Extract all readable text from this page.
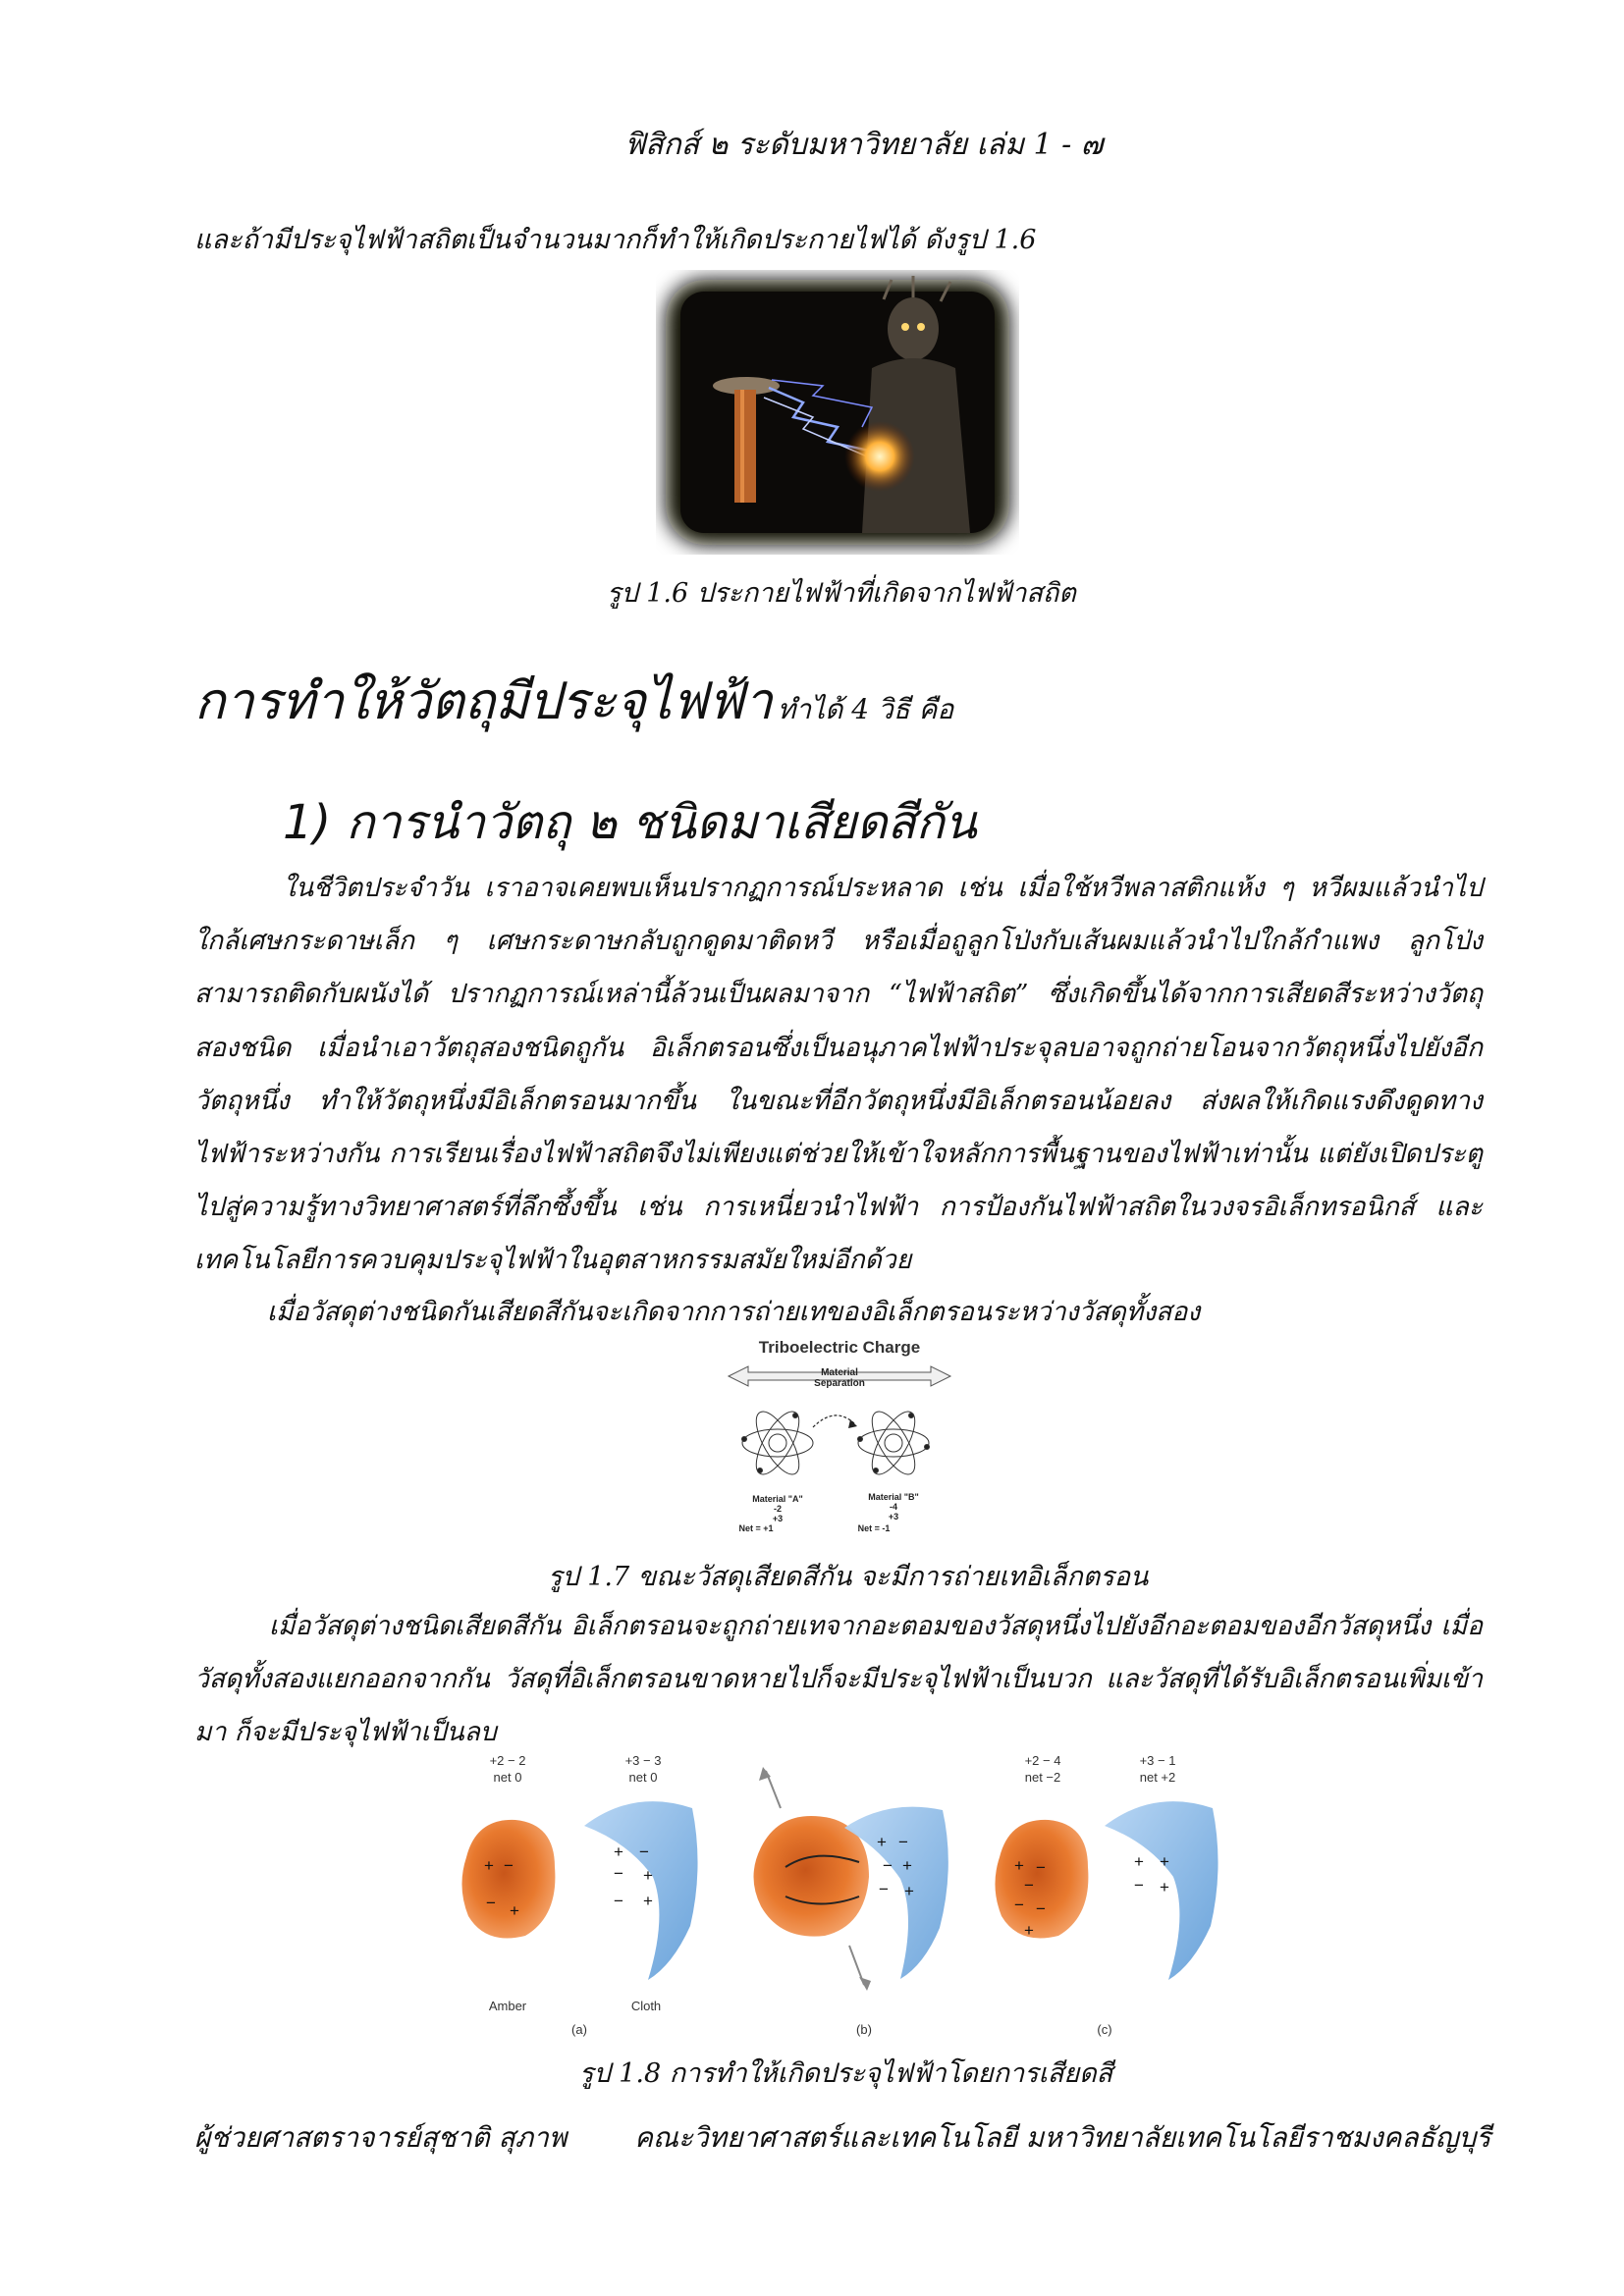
ฟิสิกส์ ๒ ระดับมหาวิทยาลัย เล่ม 1 - ๗
และถ้ามีประจุไฟฟ้าสถิตเป็นจำนวนมากก็ทำให้เกิดประกายไฟได้ ดังรูป 1.6
รูป 1.6 ประกายไฟฟ้าที่เกิดจากไฟฟ้าสถิต
การทำให้วัตถุมีประจุไฟฟ้า ทำได้ 4 วิธี คือ
1) การนำวัตถุ ๒ ชนิดมาเสียดสีกัน
ในชีวิตประจำวัน เราอาจเคยพบเห็นปรากฏการณ์ประหลาด เช่น เมื่อใช้หวีพลาสติกแห้ง ๆ หวีผมแล้วนำไปใกล้เศษกระดาษเล็ก ๆ เศษกระดาษกลับถูกดูดมาติดหวี หรือเมื่อถูลูกโป่งกับเส้นผมแล้วนำไปใกล้กำแพง ลูกโป่งสามารถติดกับผนังได้ ปรากฏการณ์เหล่านี้ล้วนเป็นผลมาจาก “ไฟฟ้าสถิต” ซึ่งเกิดขึ้นได้จากการเสียดสีระหว่างวัตถุสองชนิด เมื่อนำเอาวัตถุสองชนิดถูกัน อิเล็กตรอนซึ่งเป็นอนุภาคไฟฟ้าประจุลบอาจถูกถ่ายโอนจากวัตถุหนึ่งไปยังอีกวัตถุหนึ่ง ทำให้วัตถุหนึ่งมีอิเล็กตรอนมากขึ้น ในขณะที่อีกวัตถุหนึ่งมีอิเล็กตรอนน้อยลง ส่งผลให้เกิดแรงดึงดูดทางไฟฟ้าระหว่างกัน การเรียนเรื่องไฟฟ้าสถิตจึงไม่เพียงแต่ช่วยให้เข้าใจหลักการพื้นฐานของไฟฟ้าเท่านั้น แต่ยังเปิดประตูไปสู่ความรู้ทางวิทยาศาสตร์ที่ลึกซึ้งขึ้น เช่น การเหนี่ยวนำไฟฟ้า การป้องกันไฟฟ้าสถิตในวงจรอิเล็กทรอนิกส์ และเทคโนโลยีการควบคุมประจุไฟฟ้าในอุตสาหกรรมสมัยใหม่อีกด้วย
เมื่อวัสดุต่างชนิดกันเสียดสีกันจะเกิดจากการถ่ายเทของอิเล็กตรอนระหว่างวัสดุทั้งสอง
Triboelectric Charge
Material
Separation
Material "A"
-2
+3
Net = +1
Material "B"
-4
+3
Net = -1
รูป 1.7 ขณะวัสดุเสียดสีกัน จะมีการถ่ายเทอิเล็กตรอน
เมื่อวัสดุต่างชนิดเสียดสีกัน อิเล็กตรอนจะถูกถ่ายเทจากอะตอมของวัสดุหนึ่งไปยังอีกอะตอมของอีกวัสดุหนึ่ง เมื่อวัสดุทั้งสองแยกออกจากกัน วัสดุที่อิเล็กตรอนขาดหายไปก็จะมีประจุไฟฟ้าเป็นบวก และวัสดุที่ได้รับอิเล็กตรอนเพิ่มเข้ามา ก็จะมีประจุไฟฟ้าเป็นลบ
+2 − 2
net 0
+3 − 3
net 0
+2 − 4
net −2
+3 − 1
net +2
Amber	Cloth
(a)	(b)	(c)
+ −
− +
+ −
− +
− +
+ −
− +
− +
+ −
−
− −
+
+ +
− +
รูป 1.8 การทำให้เกิดประจุไฟฟ้าโดยการเสียดสี
ผู้ช่วยศาสตราจารย์สุชาติ สุภาพ คณะวิทยาศาสตร์และเทคโนโลยี มหาวิทยาลัยเทคโนโลยีราชมงคลธัญบุรี
